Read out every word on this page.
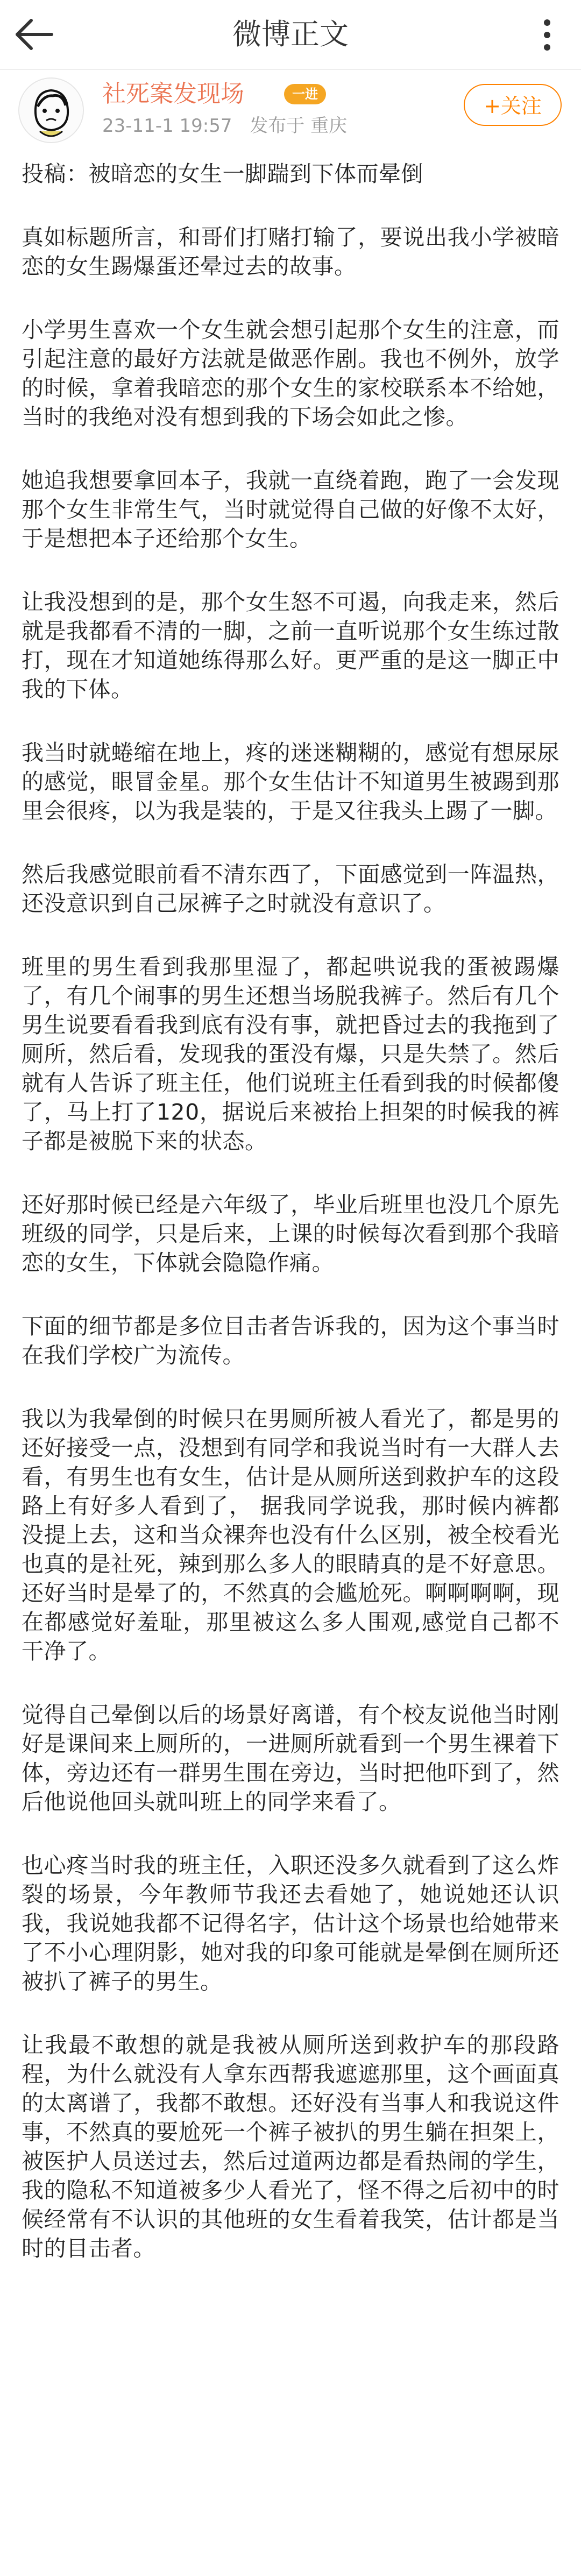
微博正文
社死案发现场	一进
23-11-1 19:57 发布于 重庆
+关注

投稿：被暗恋的女生一脚踹到下体而晕倒

真如标题所言，和哥们打赌打输了，要说出我小学被暗恋的女生踢爆蛋还晕过去的故事。

小学男生喜欢一个女生就会想引起那个女生的注意，而引起注意的最好方法就是做恶作剧。我也不例外，放学的时候，拿着我暗恋的那个女生的家校联系本不给她，当时的我绝对没有想到我的下场会如此之惨。

她追我想要拿回本子，我就一直绕着跑，跑了一会发现那个女生非常生气，当时就觉得自己做的好像不太好，于是想把本子还给那个女生。

让我没想到的是，那个女生怒不可遏，向我走来，然后就是我都看不清的一脚，之前一直听说那个女生练过散打，现在才知道她练得那么好。更严重的是这一脚正中我的下体。

我当时就蜷缩在地上，疼的迷迷糊糊的，感觉有想尿尿的感觉，眼冒金星。那个女生估计不知道男生被踢到那里会很疼，以为我是装的，于是又往我头上踢了一脚。

然后我感觉眼前看不清东西了，下面感觉到一阵温热，还没意识到自己尿裤子之时就没有意识了。

班里的男生看到我那里湿了，都起哄说我的蛋被踢爆了，有几个闹事的男生还想当场脱我裤子。然后有几个男生说要看看我到底有没有事，就把昏过去的我拖到了厕所，然后看，发现我的蛋没有爆，只是失禁了。然后就有人告诉了班主任，他们说班主任看到我的时候都傻了，马上打了120，据说后来被抬上担架的时候我的裤子都是被脱下来的状态。

还好那时候已经是六年级了，毕业后班里也没几个原先班级的同学，只是后来，上课的时候每次看到那个我暗恋的女生，下体就会隐隐作痛。

下面的细节都是多位目击者告诉我的，因为这个事当时在我们学校广为流传。

我以为我晕倒的时候只在男厕所被人看光了，都是男的还好接受一点，没想到有同学和我说当时有一大群人去看，有男生也有女生，估计是从厕所送到救护车的这段路上有好多人看到了， 据我同学说我，那时候内裤都没提上去，这和当众裸奔也没有什么区别，被全校看光也真的是社死，辣到那么多人的眼睛真的是不好意思。还好当时是晕了的，不然真的会尴尬死。啊啊啊啊，现在都感觉好羞耻，那里被这么多人围观,感觉自己都不干净了。

觉得自己晕倒以后的场景好离谱，有个校友说他当时刚好是课间来上厕所的，一进厕所就看到一个男生裸着下体，旁边还有一群男生围在旁边，当时把他吓到了，然后他说他回头就叫班上的同学来看了。

也心疼当时我的班主任，入职还没多久就看到了这么炸裂的场景，今年教师节我还去看她了，她说她还认识我，我说她我都不记得名字，估计这个场景也给她带来了不小心理阴影，她对我的印象可能就是晕倒在厕所还被扒了裤子的男生。

让我最不敢想的就是我被从厕所送到救护车的那段路程，为什么就没有人拿东西帮我遮遮那里，这个画面真的太离谱了，我都不敢想。还好没有当事人和我说这件事，不然真的要尬死一个裤子被扒的男生躺在担架上，被医护人员送过去，然后过道两边都是看热闹的学生，我的隐私不知道被多少人看光了，怪不得之后初中的时候经常有不认识的其他班的女生看着我笑，估计都是当时的目击者。
